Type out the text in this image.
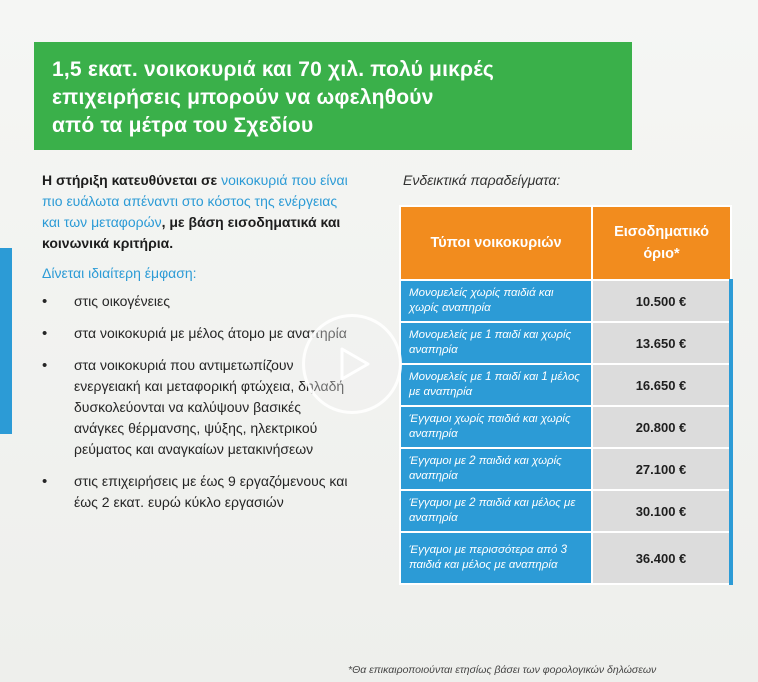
1,5 εκατ. νοικοκυριά και 70 χιλ. πολύ μικρές
επιχειρήσεις μπορούν να ωφεληθούν
από τα μέτρα του Σχεδίου

Η στήριξη κατευθύνεται σε νοικοκυριά που είναι πιο ευάλωτα απέναντι στο κόστος της ενέργειας και των μεταφορών, με βάση εισοδηματικά και κοινωνικά κριτήρια.

Δίνεται ιδιαίτερη έμφαση:

• στις οικογένειες
• στα νοικοκυριά με μέλος άτομο με αναπηρία
• στα νοικοκυριά που αντιμετωπίζουν ενεργειακή και μεταφορική φτώχεια, δηλαδή δυσκολεύονται να καλύψουν βασικές ανάγκες θέρμανσης, ψύξης, ηλεκτρικού ρεύματος και αναγκαίων μετακινήσεων
• στις επιχειρήσεις με έως 9 εργαζόμενους και έως 2 εκατ. ευρώ κύκλο εργασιών
Ενδεικτικά παραδείγματα:
Τύποι νοικοκυριών	Εισοδηματικό όριο*
Μονομελείς χωρίς παιδιά και χωρίς αναπηρία	10.500 €
Μονομελείς με 1 παιδί και χωρίς αναπηρία	13.650 €
Μονομελείς με 1 παιδί και 1 μέλος με αναπηρία	16.650 €
Έγγαμοι χωρίς παιδιά και χωρίς αναπηρία	20.800 €
Έγγαμοι με 2 παιδιά και χωρίς αναπηρία	27.100 €
Έγγαμοι με 2 παιδιά και μέλος με αναπηρία	30.100 €
Έγγαμοι με περισσότερα από 3 παιδιά και μέλος με αναπηρία	36.400 €
*Θα επικαιροποιούνται ετησίως βάσει των φορολογικών δηλώσεων
